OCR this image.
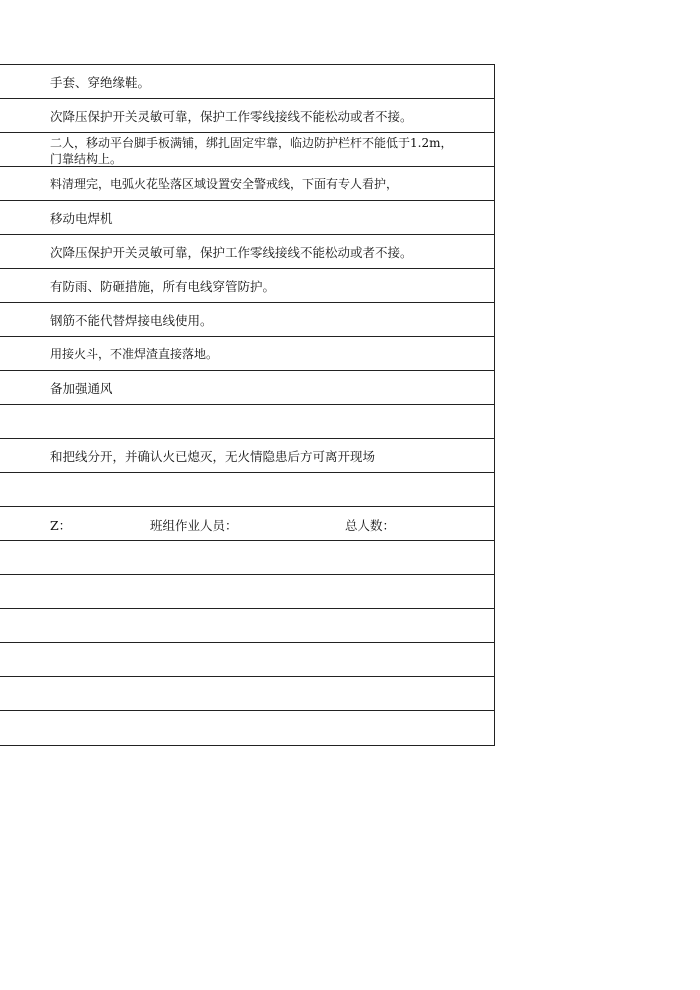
手套、穿绝缘鞋。
次降压保护开关灵敏可靠，保护工作零线接线不能松动或者不接。
二人，移动平台脚手板满铺，绑扎固定牢靠，临边防护栏杆不能低于1.2m，
门靠结构上。
料清理完，电弧火花坠落区域设置安全警戒线，下面有专人看护，
移动电焊机
次降压保护开关灵敏可靠，保护工作零线接线不能松动或者不接。
有防雨、防砸措施，所有电线穿管防护。
钢筋不能代替焊接电线使用。
用接火斗，不准焊渣直接落地。
备加强通风
和把线分开，并确认火已熄灭，无火情隐患后方可离开现场
Z：	班组作业人员：	总人数：
